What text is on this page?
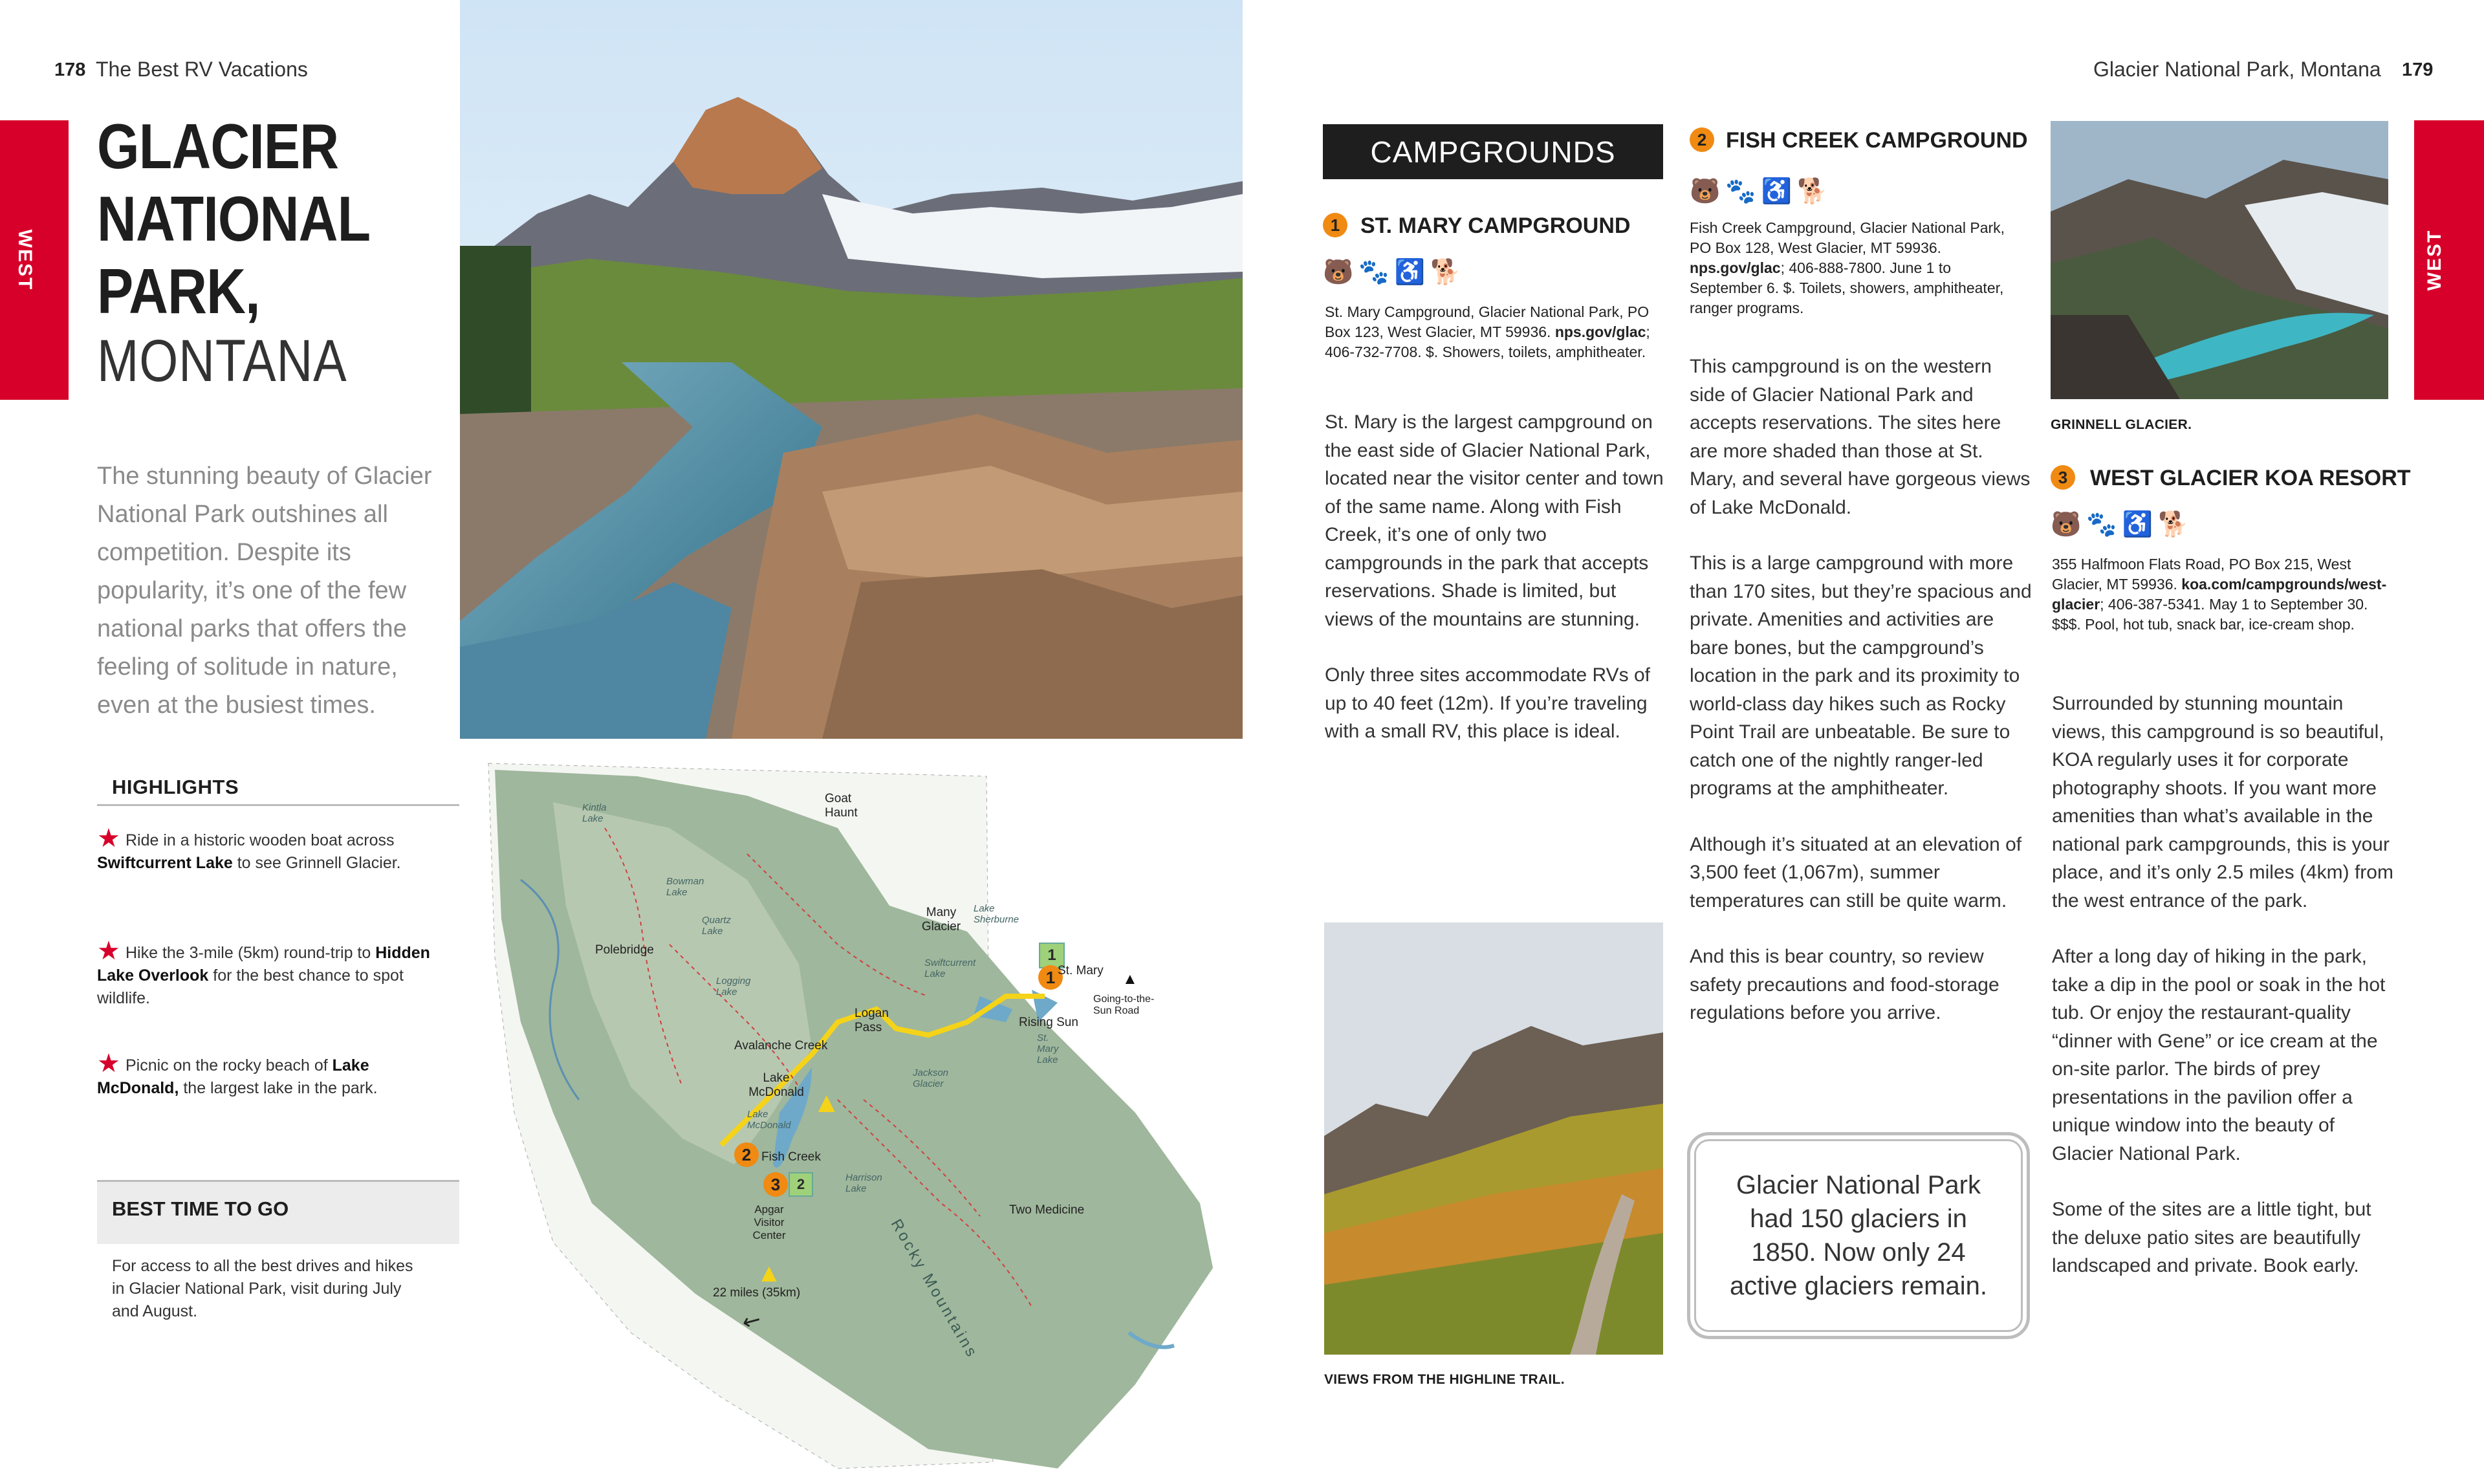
178 The Best RV Vacations
WEST
GLACIER
NATIONAL
PARK,
MONTANA
The stunning beauty of Glacier National Park outshines all competition. Despite its popularity, it’s one of the few national parks that offers the feeling of solitude in nature, even at the busiest times.
HIGHLIGHTS
★ Ride in a historic wooden boat across Swiftcurrent Lake to see Grinnell Glacier.
★ Hike the 3-mile (5km) round-trip to Hidden Lake Overlook for the best chance to spot wildlife.
★ Picnic on the rocky beach of Lake McDonald, the largest lake in the park.
BEST TIME TO GO
For access to all the best drives and hikes in Glacier National Park, visit during July and August.
1
1	▲
2
3	2
▲
▲
↙
Goat Haunt
Kintla Lake
Bowman Lake
Quartz Lake
Logging Lake
Polebridge
Many Glacier
Lake Sherburne
Swiftcurrent Lake	St. Mary
Going-to-the-Sun Road
Logan Pass	Rising Sun
St. Mary Lake
Avalanche Creek
Lake McDonald
Lake McDonald
Jackson Glacier
Fish Creek
Apgar Visitor Center
Harrison Lake
Two Medicine
Rocky Mountains
22 miles (35km)
Glacier National Park, Montana 179
WEST
CAMPGROUNDS
1 ST. MARY CAMPGROUND
🐻🐾♿🐕
St. Mary Campground, Glacier National Park, PO Box 123, West Glacier, MT 59936. nps.gov/glac; 406-732-7708. $. Showers, toilets, amphitheater.

St. Mary is the largest campground on the east side of Glacier National Park, located near the visitor center and town of the same name. Along with Fish Creek, it’s one of only two campgrounds in the park that accepts reservations. Shade is limited, but views of the mountains are stunning.

Only three sites accommodate RVs of up to 40 feet (12m). If you’re traveling with a small RV, this place is ideal.

VIEWS FROM THE HIGHLINE TRAIL.
2 FISH CREEK CAMPGROUND
🐻🐾♿🐕
Fish Creek Campground, Glacier National Park, PO Box 128, West Glacier, MT 59936. nps.gov/glac; 406-888-7800. June 1 to September 6. $. Toilets, showers, amphitheater, ranger programs.

This campground is on the western side of Glacier National Park and accepts reservations. The sites here are more shaded than those at St. Mary, and several have gorgeous views of Lake McDonald.

This is a large campground with more than 170 sites, but they’re spacious and private. Amenities and activities are bare bones, but the campground’s location in the park and its proximity to world-class day hikes such as Rocky Point Trail are unbeatable. Be sure to catch one of the nightly ranger-led programs at the amphitheater.

Although it’s situated at an elevation of 3,500 feet (1,067m), summer temperatures can still be quite warm.

And this is bear country, so review safety precautions and food-storage regulations before you arrive.

Glacier National Park had 150 glaciers in 1850. Now only 24 active glaciers remain.
GRINNELL GLACIER.
3	WEST GLACIER KOA RESORT
🐻🐾♿🐕
355 Halfmoon Flats Road, PO Box 215, West Glacier, MT 59936. koa.com/campgrounds/west-glacier; 406-387-5341. May 1 to September 30. $$$. Pool, hot tub, snack bar, ice-cream shop.

Surrounded by stunning mountain views, this campground is so beautiful, KOA regularly uses it for corporate photography shoots. If you want more amenities than what’s available in the national park campgrounds, this is your place, and it’s only 2.5 miles (4km) from the west entrance of the park.

After a long day of hiking in the park, take a dip in the pool or soak in the hot tub. Or enjoy the restaurant-quality “dinner with Gene” or ice cream at the on-site parlor. The birds of prey presentations in the pavilion offer a unique window into the beauty of Glacier National Park.

Some of the sites are a little tight, but the deluxe patio sites are beautifully landscaped and private. Book early.
